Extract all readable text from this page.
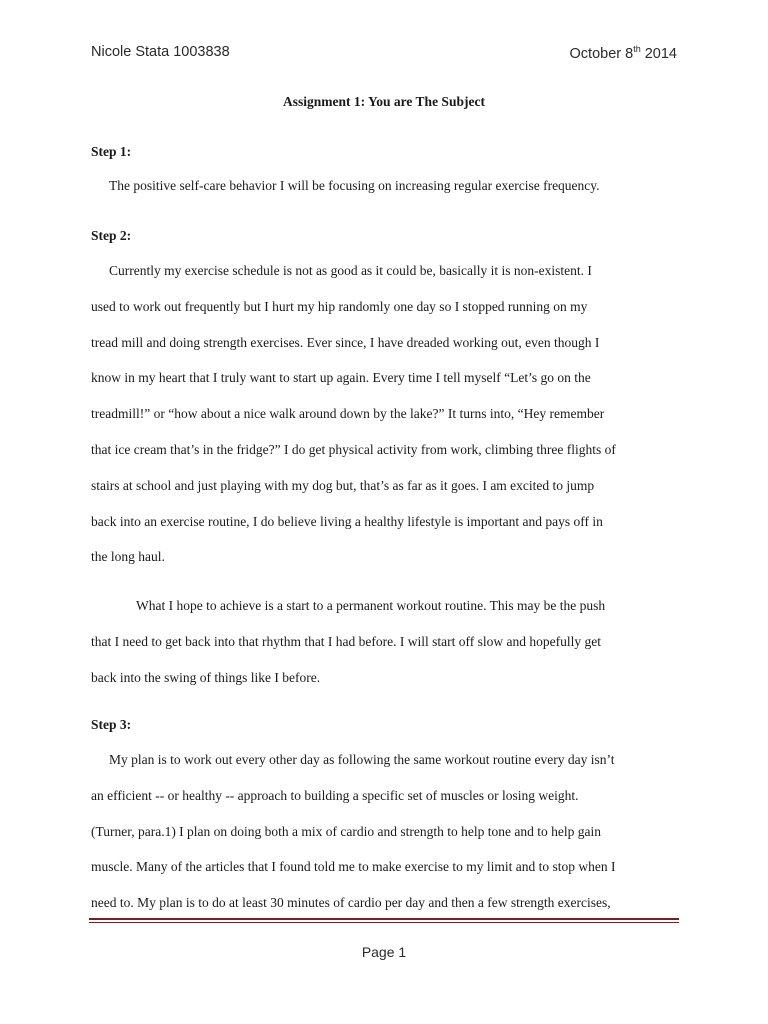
Nicole Stata 1003838	October 8th 2014
Assignment 1: You are The Subject
Step 1:
The positive self-care behavior I will be focusing on increasing regular exercise frequency.
Step 2:
Currently my exercise schedule is not as good as it could be, basically it is non-existent. I
used to work out frequently but I hurt my hip randomly one day so I stopped running on my
tread mill and doing strength exercises. Ever since, I have dreaded working out, even though I
know in my heart that I truly want to start up again. Every time I tell myself “Let’s go on the
treadmill!” or “how about a nice walk around down by the lake?” It turns into, “Hey remember
that ice cream that’s in the fridge?” I do get physical activity from work, climbing three flights of
stairs at school and just playing with my dog but, that’s as far as it goes. I am excited to jump
back into an exercise routine, I do believe living a healthy lifestyle is important and pays off in
the long haul.
What I hope to achieve is a start to a permanent workout routine. This may be the push
that I need to get back into that rhythm that I had before. I will start off slow and hopefully get
back into the swing of things like I before.
Step 3:
My plan is to work out every other day as following the same workout routine every day isn’t
an efficient -- or healthy -- approach to building a specific set of muscles or losing weight.
(Turner, para.1) I plan on doing both a mix of cardio and strength to help tone and to help gain
muscle. Many of the articles that I found told me to make exercise to my limit and to stop when I
need to. My plan is to do at least 30 minutes of cardio per day and then a few strength exercises,
Page 1
